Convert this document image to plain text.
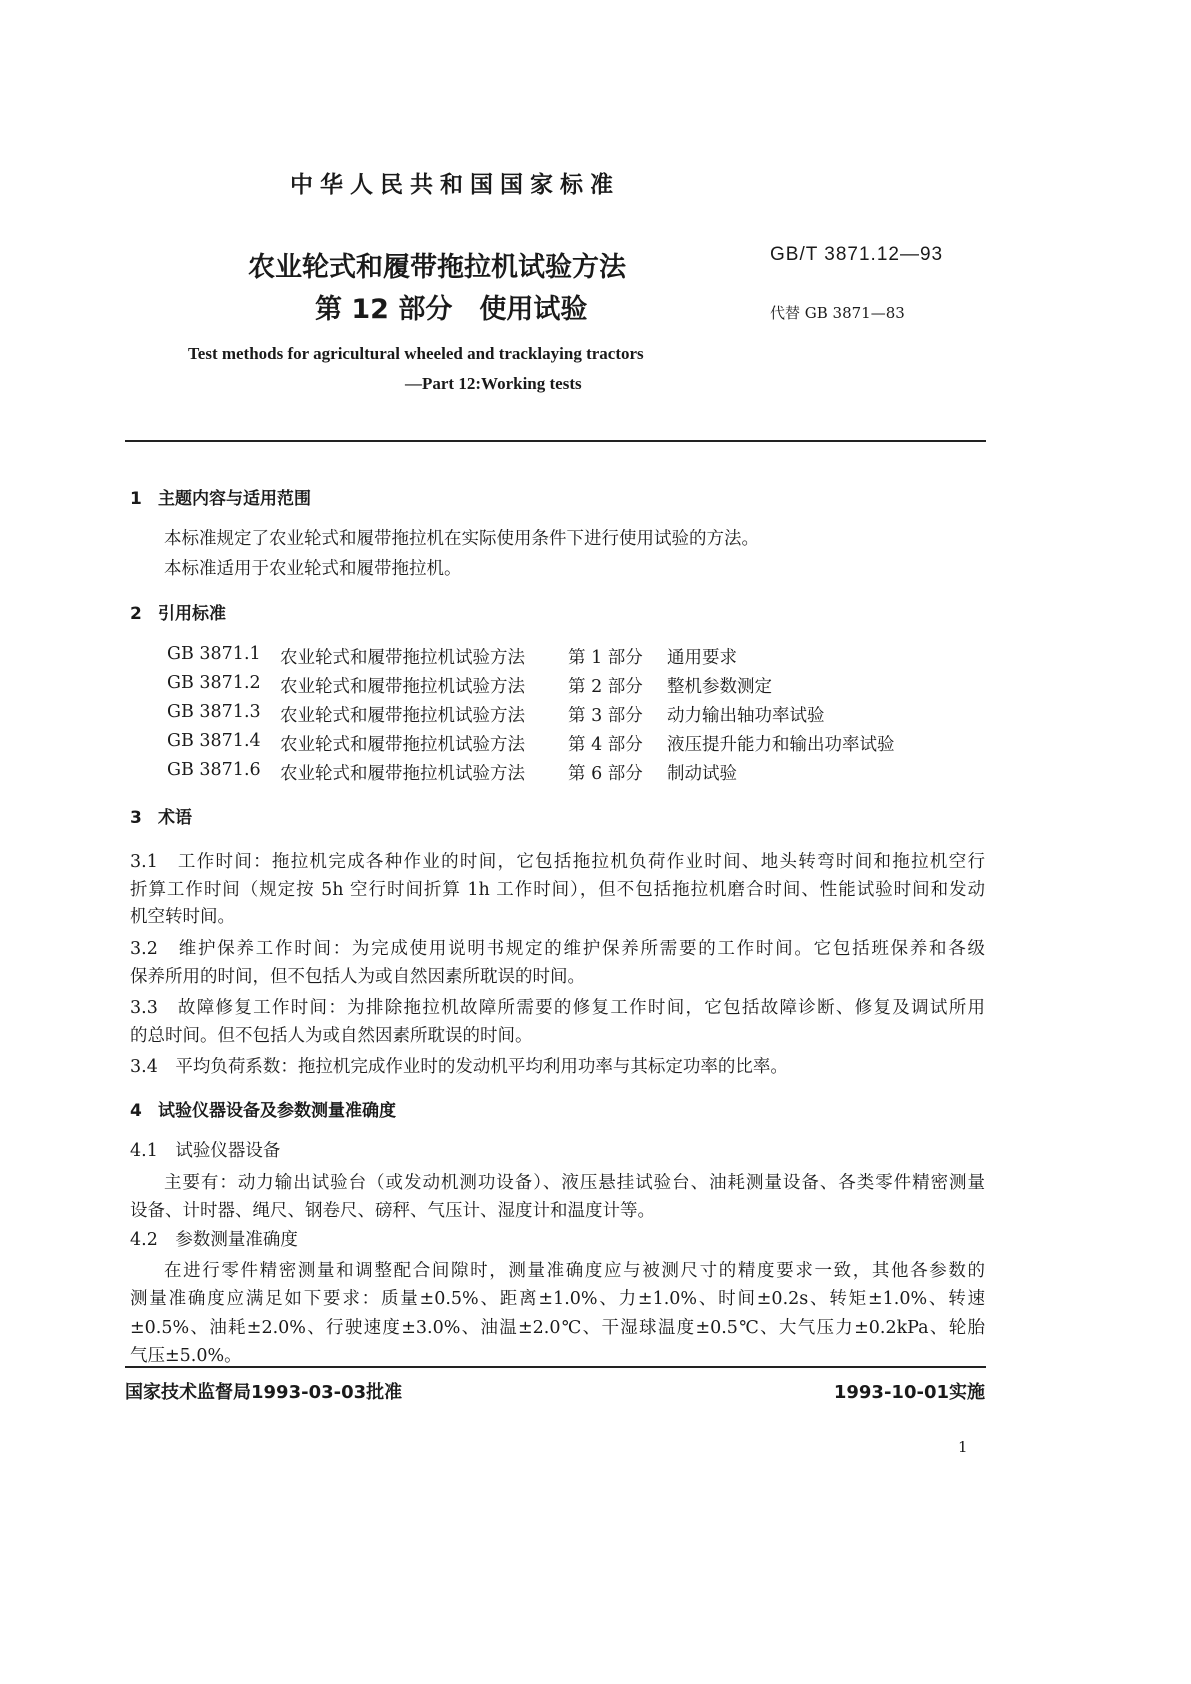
中华人民共和国国家标准
农业轮式和履带拖拉机试验方法
第 12 部分　使用试验
GB/T 3871.12—93
代替 GB 3871—83
Test methods for agricultural wheeled and tracklaying tractors
—Part 12:Working tests
1 主题内容与适用范围
本标准规定了农业轮式和履带拖拉机在实际使用条件下进行使用试验的方法。
本标准适用于农业轮式和履带拖拉机。
2 引用标准
GB 3871.1 农业轮式和履带拖拉机试验方法 第 1 部分 通用要求
GB 3871.2 农业轮式和履带拖拉机试验方法 第 2 部分 整机参数测定
GB 3871.3 农业轮式和履带拖拉机试验方法 第 3 部分 动力输出轴功率试验
GB 3871.4 农业轮式和履带拖拉机试验方法 第 4 部分 液压提升能力和输出功率试验
GB 3871.6 农业轮式和履带拖拉机试验方法 第 6 部分 制动试验
3 术语
3.1　工作时间：拖拉机完成各种作业的时间，它包括拖拉机负荷作业时间、地头转弯时间和拖拉机空行
折算工作时间（规定按 5h 空行时间折算 1h 工作时间），但不包括拖拉机磨合时间、性能试验时间和发动
机空转时间。
3.2　维护保养工作时间：为完成使用说明书规定的维护保养所需要的工作时间。它包括班保养和各级
保养所用的时间，但不包括人为或自然因素所耽误的时间。
3.3　故障修复工作时间：为排除拖拉机故障所需要的修复工作时间，它包括故障诊断、修复及调试所用
的总时间。但不包括人为或自然因素所耽误的时间。
3.4　平均负荷系数：拖拉机完成作业时的发动机平均利用功率与其标定功率的比率。
4 试验仪器设备及参数测量准确度
4.1　试验仪器设备
主要有：动力输出试验台（或发动机测功设备）、液压悬挂试验台、油耗测量设备、各类零件精密测量
设备、计时器、绳尺、钢卷尺、磅秤、气压计、湿度计和温度计等。
4.2　参数测量准确度
在进行零件精密测量和调整配合间隙时，测量准确度应与被测尺寸的精度要求一致，其他各参数的
测量准确度应满足如下要求：质量±0.5%、距离±1.0%、力±1.0%、时间±0.2s、转矩±1.0%、转速
±0.5%、油耗±2.0%、行驶速度±3.0%、油温±2.0℃、干湿球温度±0.5℃、大气压力±0.2kPa、轮胎
气压±5.0%。
国家技术监督局1993-03-03批准	1993-10-01实施
1
